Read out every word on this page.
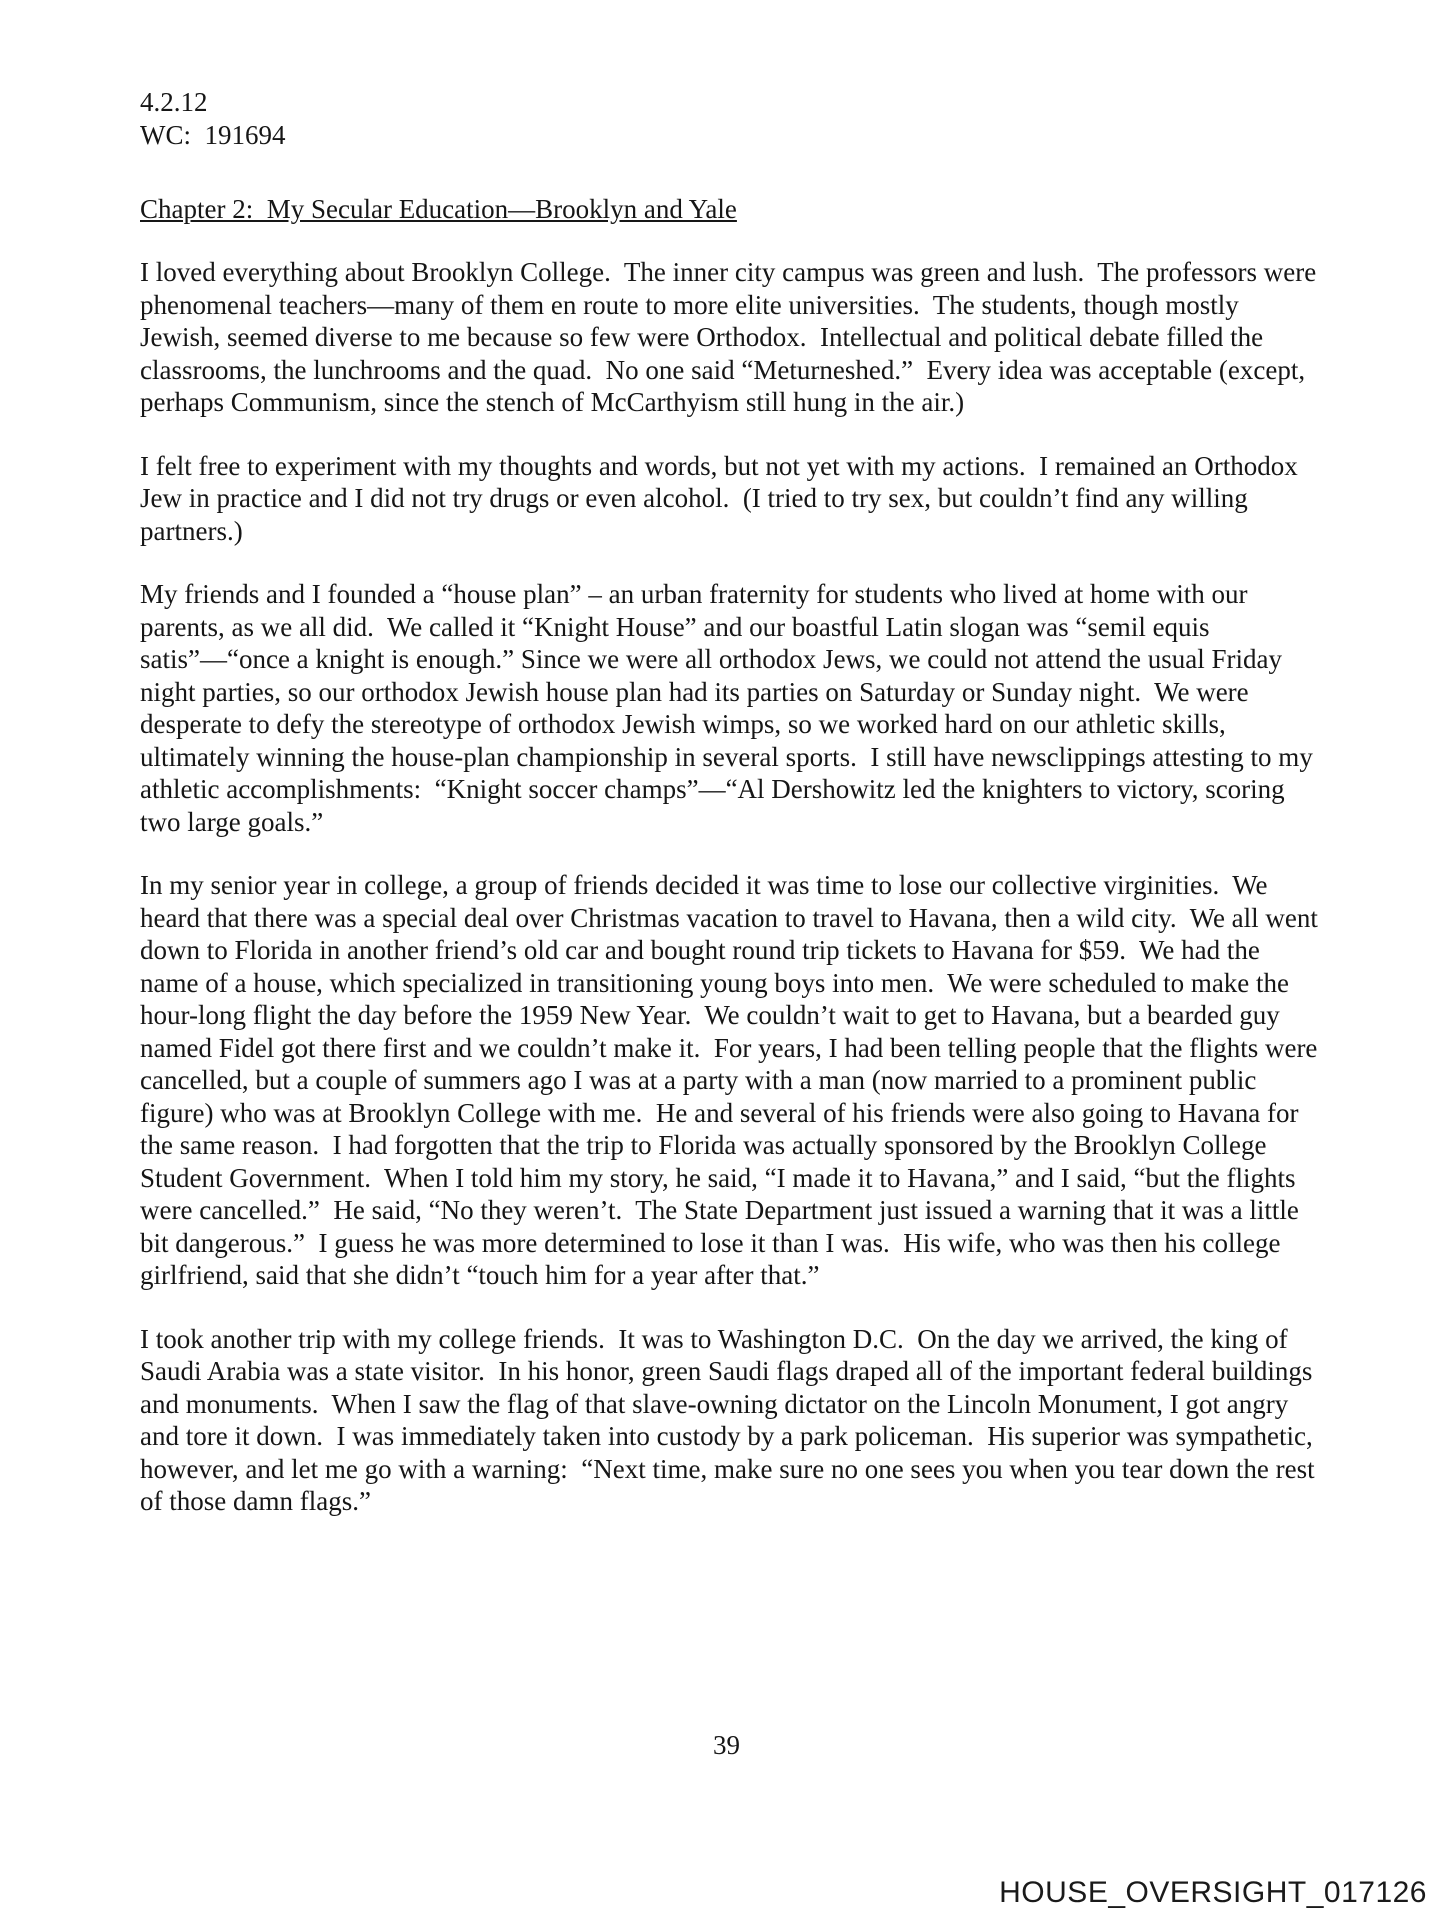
4.2.12
WC:  191694
Chapter 2:  My Secular Education—Brooklyn and Yale

I loved everything about Brooklyn College.  The inner city campus was green and lush.  The professors were phenomenal teachers—many of them en route to more elite universities.  The students, though mostly Jewish, seemed diverse to me because so few were Orthodox.  Intellectual and political debate filled the classrooms, the lunchrooms and the quad.  No one said “Meturneshed.”  Every idea was acceptable (except, perhaps Communism, since the stench of McCarthyism still hung in the air.)

I felt free to experiment with my thoughts and words, but not yet with my actions.  I remained an Orthodox Jew in practice and I did not try drugs or even alcohol.  (I tried to try sex, but couldn’t find any willing partners.)

My friends and I founded a “house plan” – an urban fraternity for students who lived at home with our parents, as we all did.  We called it “Knight House” and our boastful Latin slogan was “semil equis satis”—“once a knight is enough.” Since we were all orthodox Jews, we could not attend the usual Friday night parties, so our orthodox Jewish house plan had its parties on Saturday or Sunday night.  We were desperate to defy the stereotype of orthodox Jewish wimps, so we worked hard on our athletic skills, ultimately winning the house-plan championship in several sports.  I still have newsclippings attesting to my athletic accomplishments:  “Knight soccer champs”—“Al Dershowitz led the knighters to victory, scoring two large goals.”

In my senior year in college, a group of friends decided it was time to lose our collective virginities.  We heard that there was a special deal over Christmas vacation to travel to Havana, then a wild city.  We all went down to Florida in another friend’s old car and bought round trip tickets to Havana for $59.  We had the name of a house, which specialized in transitioning young boys into men.  We were scheduled to make the hour-long flight the day before the 1959 New Year.  We couldn’t wait to get to Havana, but a bearded guy named Fidel got there first and we couldn’t make it.  For years, I had been telling people that the flights were cancelled, but a couple of summers ago I was at a party with a man (now married to a prominent public figure) who was at Brooklyn College with me.  He and several of his friends were also going to Havana for the same reason.  I had forgotten that the trip to Florida was actually sponsored by the Brooklyn College Student Government.  When I told him my story, he said, “I made it to Havana,” and I said, “but the flights were cancelled.”  He said, “No they weren’t.  The State Department just issued a warning that it was a little bit dangerous.”  I guess he was more determined to lose it than I was.  His wife, who was then his college girlfriend, said that she didn’t “touch him for a year after that.”

I took another trip with my college friends.  It was to Washington D.C.  On the day we arrived, the king of Saudi Arabia was a state visitor.  In his honor, green Saudi flags draped all of the important federal buildings and monuments.  When I saw the flag of that slave-owning dictator on the Lincoln Monument, I got angry and tore it down.  I was immediately taken into custody by a park policeman.  His superior was sympathetic, however, and let me go with a warning:  “Next time, make sure no one sees you when you tear down the rest of those damn flags.”

39
HOUSE_OVERSIGHT_017126
